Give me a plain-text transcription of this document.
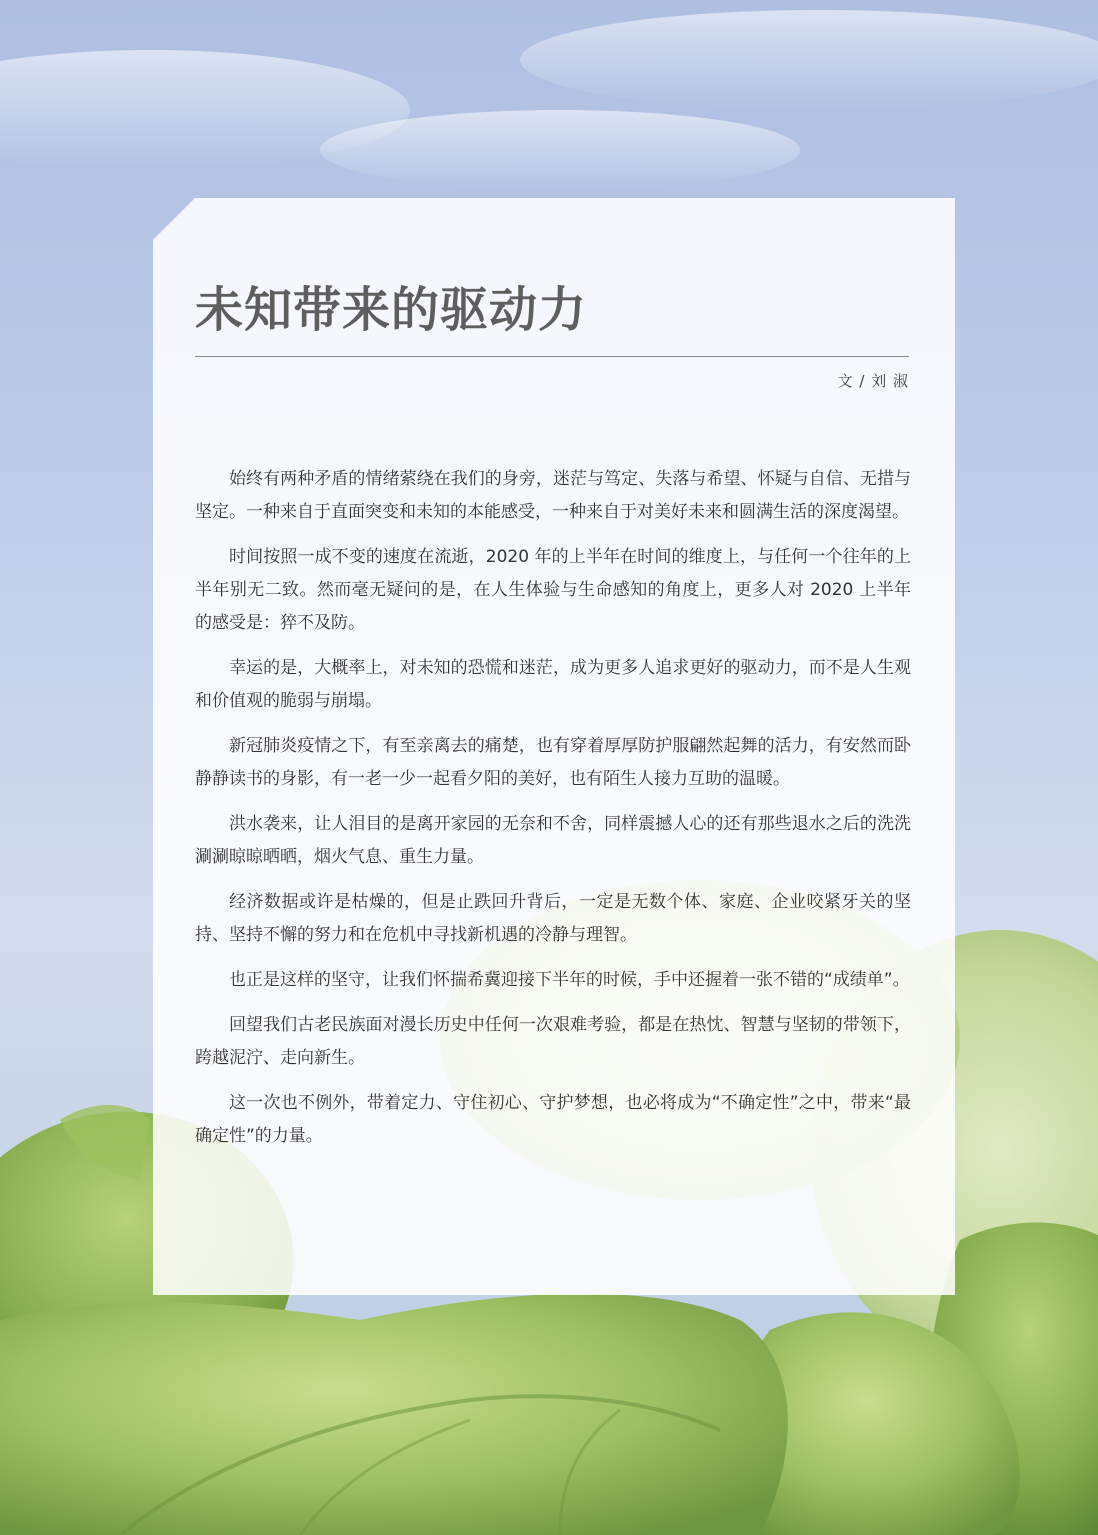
未知带来的驱动力
文 / 刘 淑

始终有两种矛盾的情绪萦绕在我们的身旁，迷茫与笃定、失落与希望、怀疑与自信、无措与坚定。一种来自于直面突变和未知的本能感受，一种来自于对美好未来和圆满生活的深度渴望。

时间按照一成不变的速度在流逝，2020 年的上半年在时间的维度上，与任何一个往年的上半年别无二致。然而毫无疑问的是，在人生体验与生命感知的角度上，更多人对 2020 上半年的感受是：猝不及防。

幸运的是，大概率上，对未知的恐慌和迷茫，成为更多人追求更好的驱动力，而不是人生观和价值观的脆弱与崩塌。

新冠肺炎疫情之下，有至亲离去的痛楚，也有穿着厚厚防护服翩然起舞的活力，有安然而卧静静读书的身影，有一老一少一起看夕阳的美好，也有陌生人接力互助的温暖。

洪水袭来，让人泪目的是离开家园的无奈和不舍，同样震撼人心的还有那些退水之后的洗洗涮涮晾晾晒晒，烟火气息、重生力量。

经济数据或许是枯燥的，但是止跌回升背后，一定是无数个体、家庭、企业咬紧牙关的坚持、坚持不懈的努力和在危机中寻找新机遇的冷静与理智。

也正是这样的坚守，让我们怀揣希冀迎接下半年的时候，手中还握着一张不错的“成绩单”。

回望我们古老民族面对漫长历史中任何一次艰难考验，都是在热忱、智慧与坚韧的带领下，跨越泥泞、走向新生。

这一次也不例外，带着定力、守住初心、守护梦想，也必将成为“不确定性”之中，带来“最确定性”的力量。
